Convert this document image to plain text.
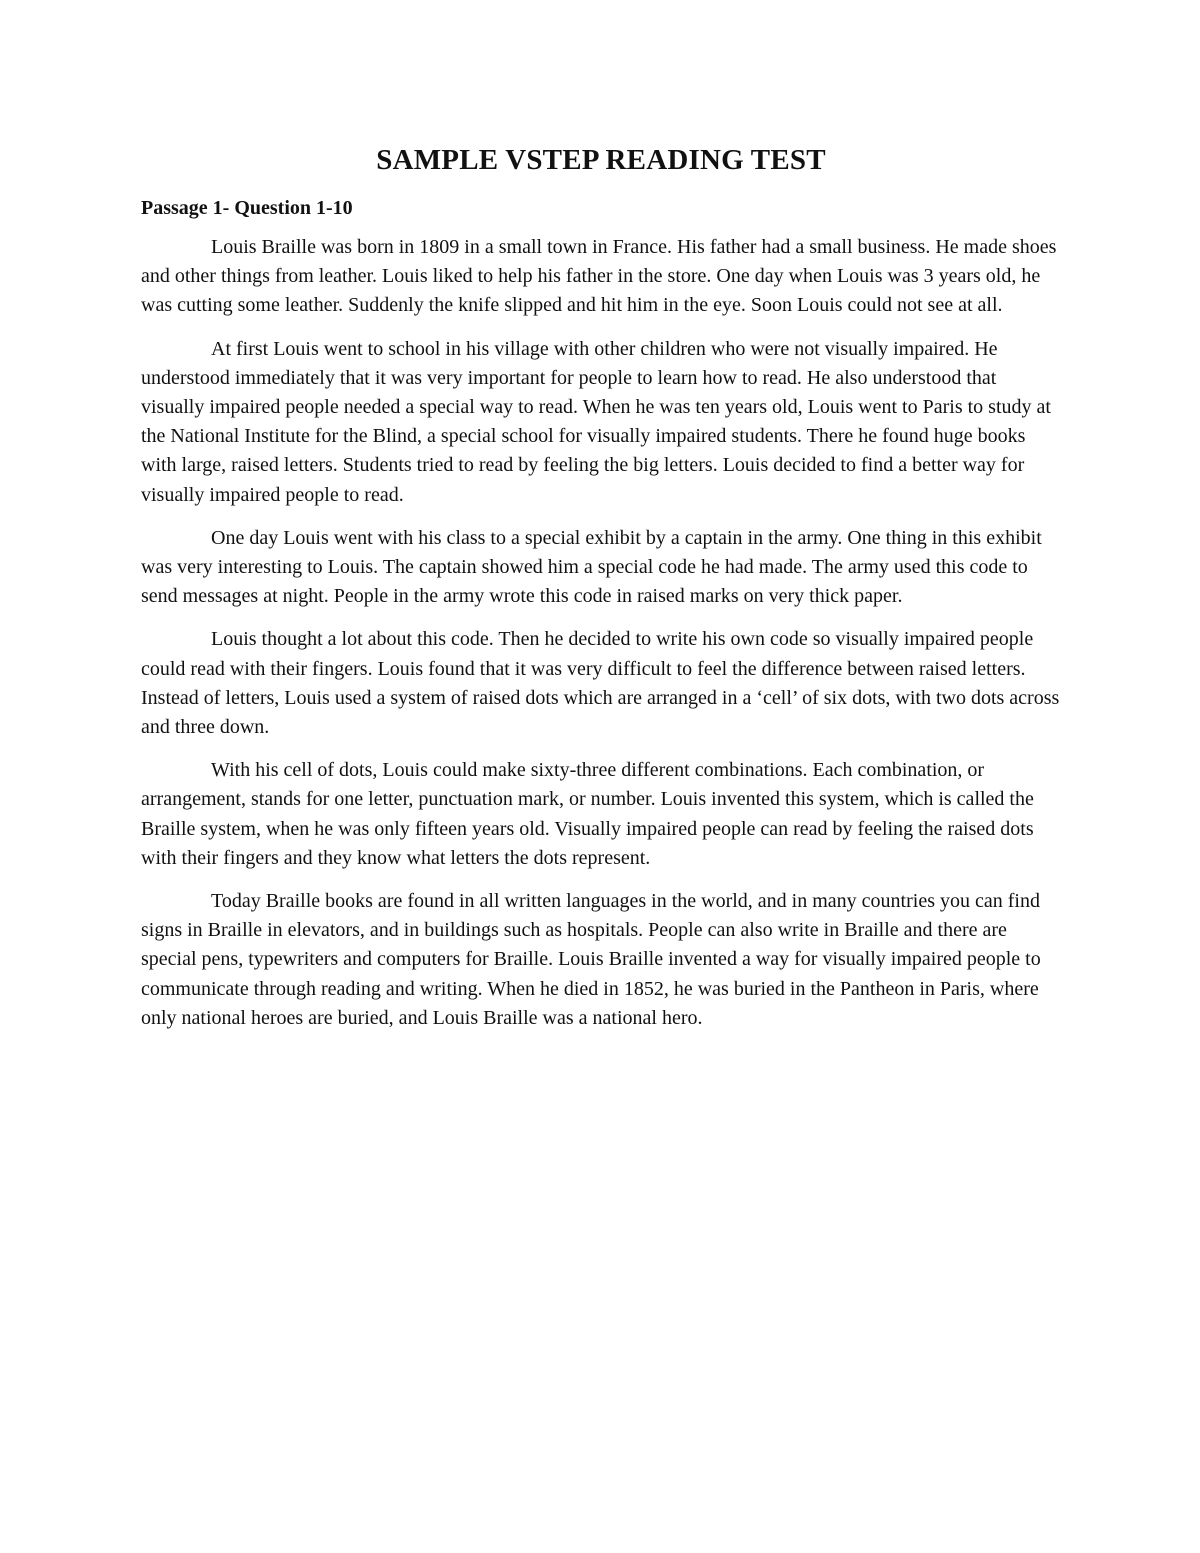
SAMPLE VSTEP READING TEST
Passage 1- Question 1-10

Louis Braille was born in 1809 in a small town in France. His father had a small business. He made shoes and other things from leather. Louis liked to help his father in the store. One day when Louis was 3 years old, he was cutting some leather. Suddenly the knife slipped and hit him in the eye. Soon Louis could not see at all.

At first Louis went to school in his village with other children who were not visually impaired. He understood immediately that it was very important for people to learn how to read. He also understood that visually impaired people needed a special way to read. When he was ten years old, Louis went to Paris to study at the National Institute for the Blind, a special school for visually impaired students. There he found huge books with large, raised letters. Students tried to read by feeling the big letters. Louis decided to find a better way for visually impaired people to read.

One day Louis went with his class to a special exhibit by a captain in the army. One thing in this exhibit was very interesting to Louis. The captain showed him a special code he had made. The army used this code to send messages at night. People in the army wrote this code in raised marks on very thick paper.

Louis thought a lot about this code. Then he decided to write his own code so visually impaired people could read with their fingers. Louis found that it was very difficult to feel the difference between raised letters. Instead of letters, Louis used a system of raised dots which are arranged in a ‘cell’ of six dots, with two dots across and three down.

With his cell of dots, Louis could make sixty-three different combinations. Each combination, or arrangement, stands for one letter, punctuation mark, or number. Louis invented this system, which is called the Braille system, when he was only fifteen years old. Visually impaired people can read by feeling the raised dots with their fingers and they know what letters the dots represent.

Today Braille books are found in all written languages in the world, and in many countries you can find signs in Braille in elevators, and in buildings such as hospitals. People can also write in Braille and there are special pens, typewriters and computers for Braille. Louis Braille invented a way for visually impaired people to communicate through reading and writing. When he died in 1852, he was buried in the Pantheon in Paris, where only national heroes are buried, and Louis Braille was a national hero.
